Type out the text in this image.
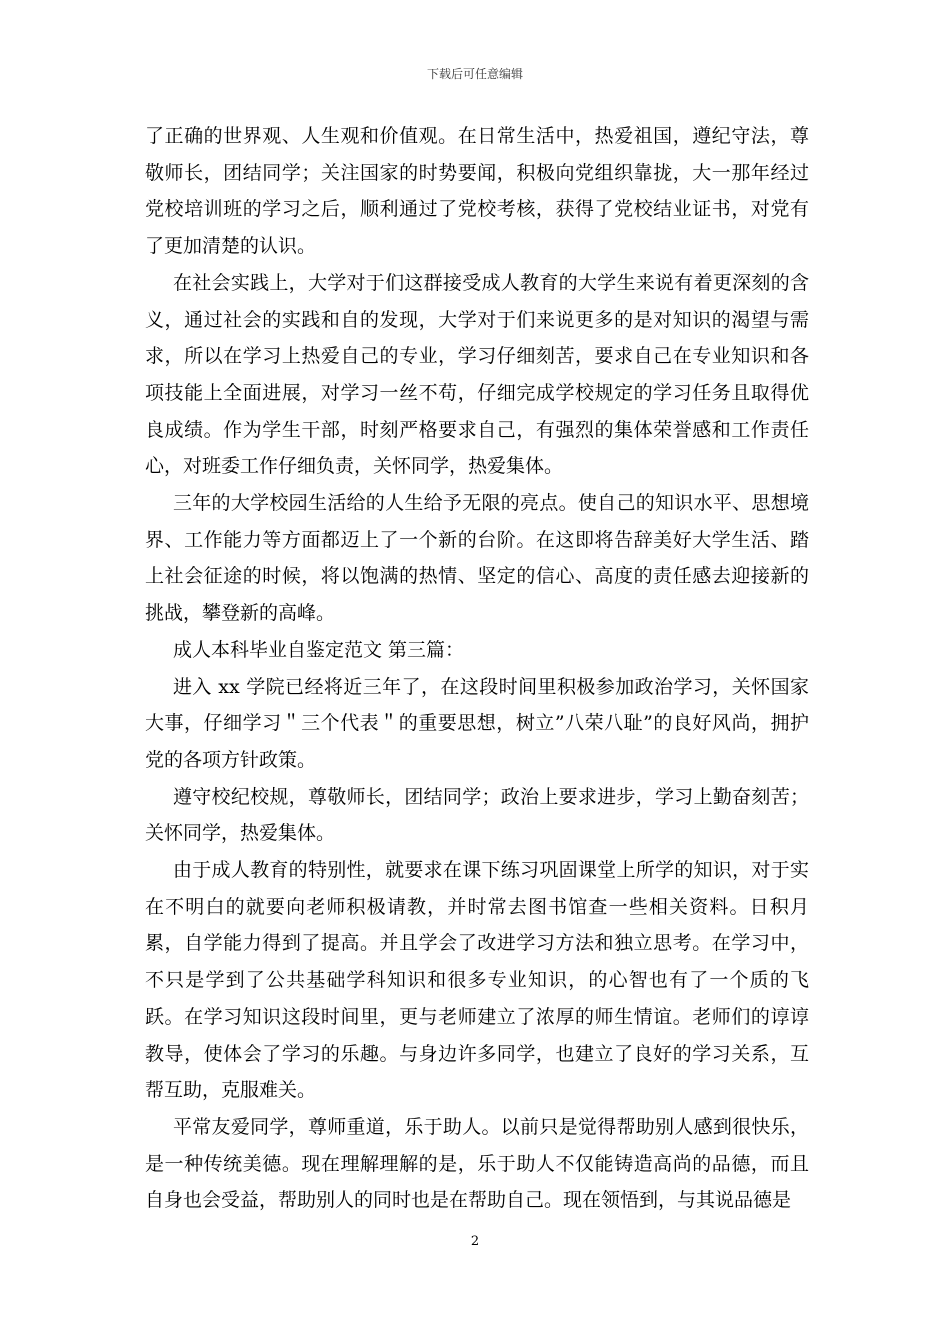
下载后可任意编辑

了正确的世界观、人生观和价值观。在日常生活中，热爱祖国，遵纪守法，尊敬师长，团结同学；关注国家的时势要闻，积极向党组织靠拢，大一那年经过党校培训班的学习之后，顺利通过了党校考核，获得了党校结业证书，对党有了更加清楚的认识。

在社会实践上，大学对于们这群接受成人教育的大学生来说有着更深刻的含义，通过社会的实践和自的发现，大学对于们来说更多的是对知识的渴望与需求，所以在学习上热爱自己的专业，学习仔细刻苦，要求自己在专业知识和各项技能上全面进展，对学习一丝不苟，仔细完成学校规定的学习任务且取得优良成绩。作为学生干部，时刻严格要求自己，有强烈的集体荣誉感和工作责任心，对班委工作仔细负责，关怀同学，热爱集体。

三年的大学校园生活给的人生给予无限的亮点。使自己的知识水平、思想境界、工作能力等方面都迈上了一个新的台阶。在这即将告辞美好大学生活、踏上社会征途的时候，将以饱满的热情、坚定的信心、高度的责任感去迎接新的挑战，攀登新的高峰。

成人本科毕业自鉴定范文 第三篇：

进入 xx 学院已经将近三年了，在这段时间里积极参加政治学习，关怀国家大事，仔细学习＂三个代表＂的重要思想，树立”八荣八耻”的良好风尚，拥护党的各项方针政策。

遵守校纪校规，尊敬师长，团结同学；政治上要求进步，学习上勤奋刻苦；关怀同学，热爱集体。

由于成人教育的特别性，就要求在课下练习巩固课堂上所学的知识，对于实在不明白的就要向老师积极请教，并时常去图书馆查一些相关资料。日积月累，自学能力得到了提高。并且学会了改进学习方法和独立思考。在学习中，不只是学到了公共基础学科知识和很多专业知识，的心智也有了一个质的飞跃。在学习知识这段时间里，更与老师建立了浓厚的师生情谊。老师们的谆谆教导，使体会了学习的乐趣。与身边许多同学，也建立了良好的学习关系，互帮互助，克服难关。

平常友爱同学，尊师重道，乐于助人。以前只是觉得帮助别人感到很快乐，是一种传统美德。现在理解理解的是，乐于助人不仅能铸造高尚的品德，而且自身也会受益，帮助别人的同时也是在帮助自己。现在领悟到，与其说品德是

2
